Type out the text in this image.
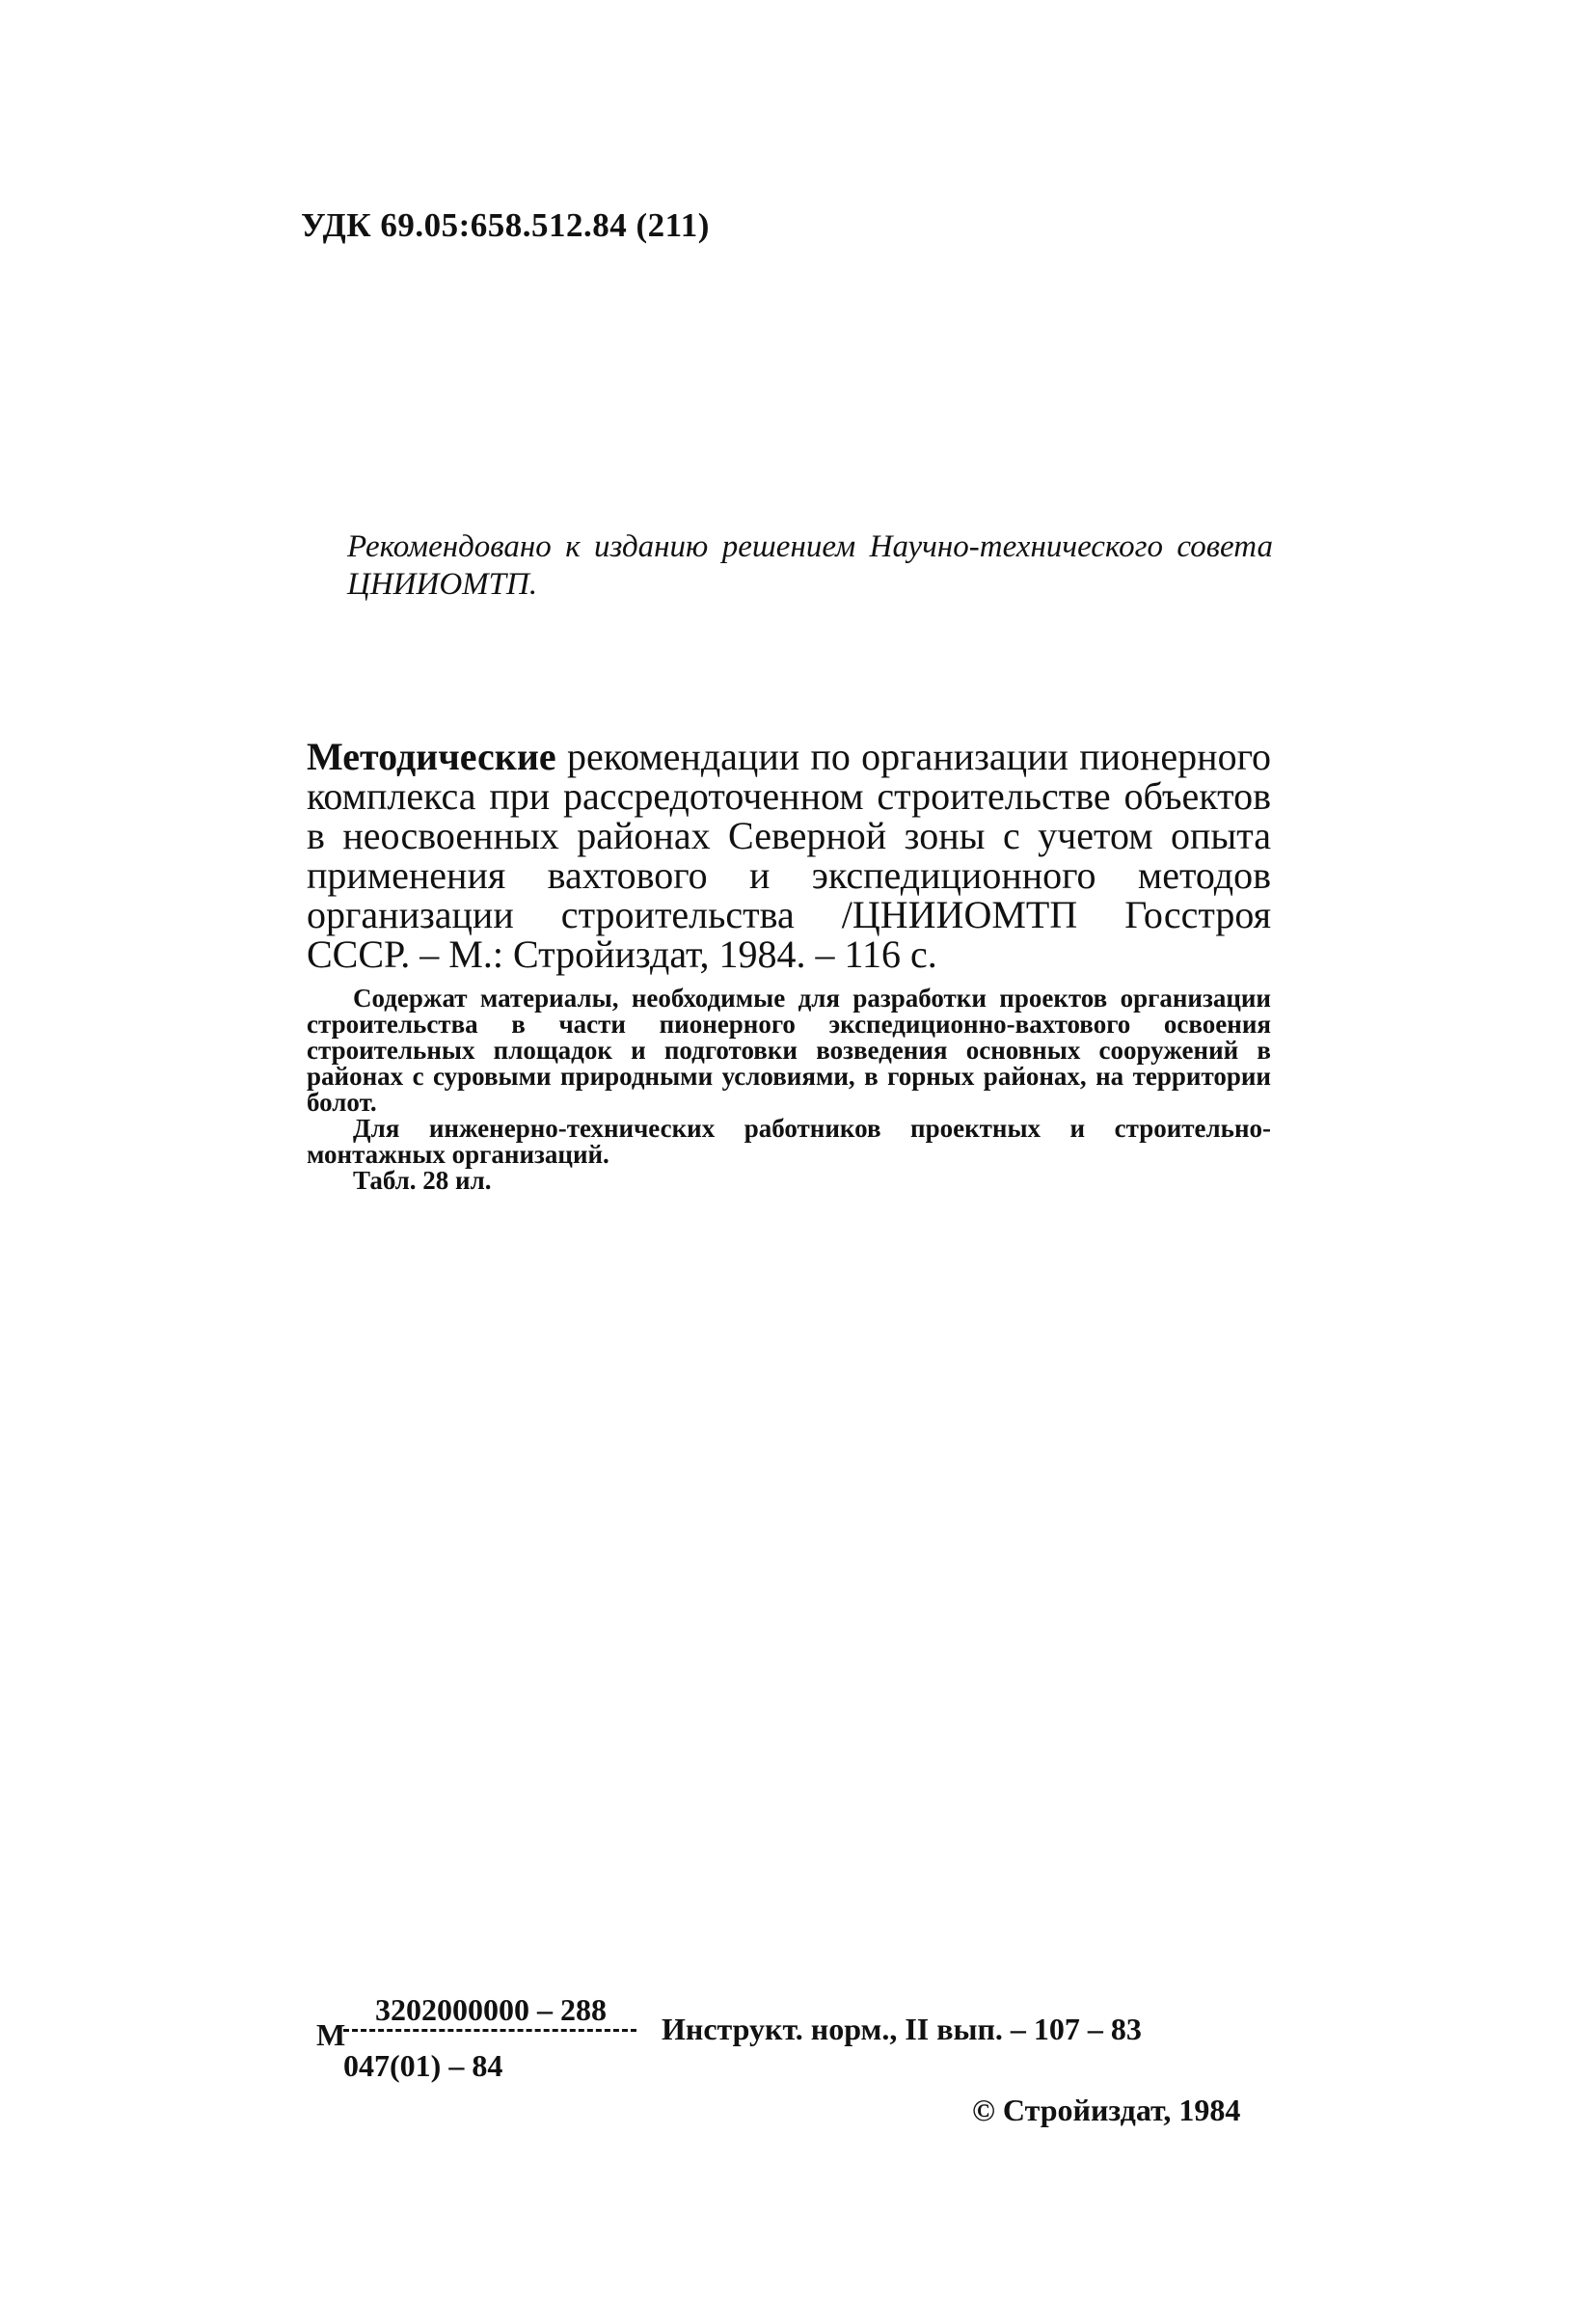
УДК 69.05:658.512.84 (211)
Рекомендовано к изданию решением Научно-технического совета ЦНИИОМТП.
Методические рекомендации по организации пионерного комплекса при рассредоточенном строительстве объектов в неосвоенных районах Северной зоны с учетом опыта применения вахтового и экспедиционного методов организации строительства /ЦНИИОМТП Госстроя СССР. – М.: Стройиздат, 1984. – 116 с.

Содержат материалы, необходимые для разработки проектов организации строительства в части пионерного экспедиционно-вахтового освоения строительных площадок и подготовки возведения основных сооружений в районах с суровыми природными условиями, в горных районах, на территории болот.

Для инженерно-технических работников проектных и строительно-монтажных организаций.

Табл. 28 ил.

М
3202000000 – 288
047(01) – 84
Инструкт. норм., II вып. – 107 – 83
© Стройиздат, 1984
